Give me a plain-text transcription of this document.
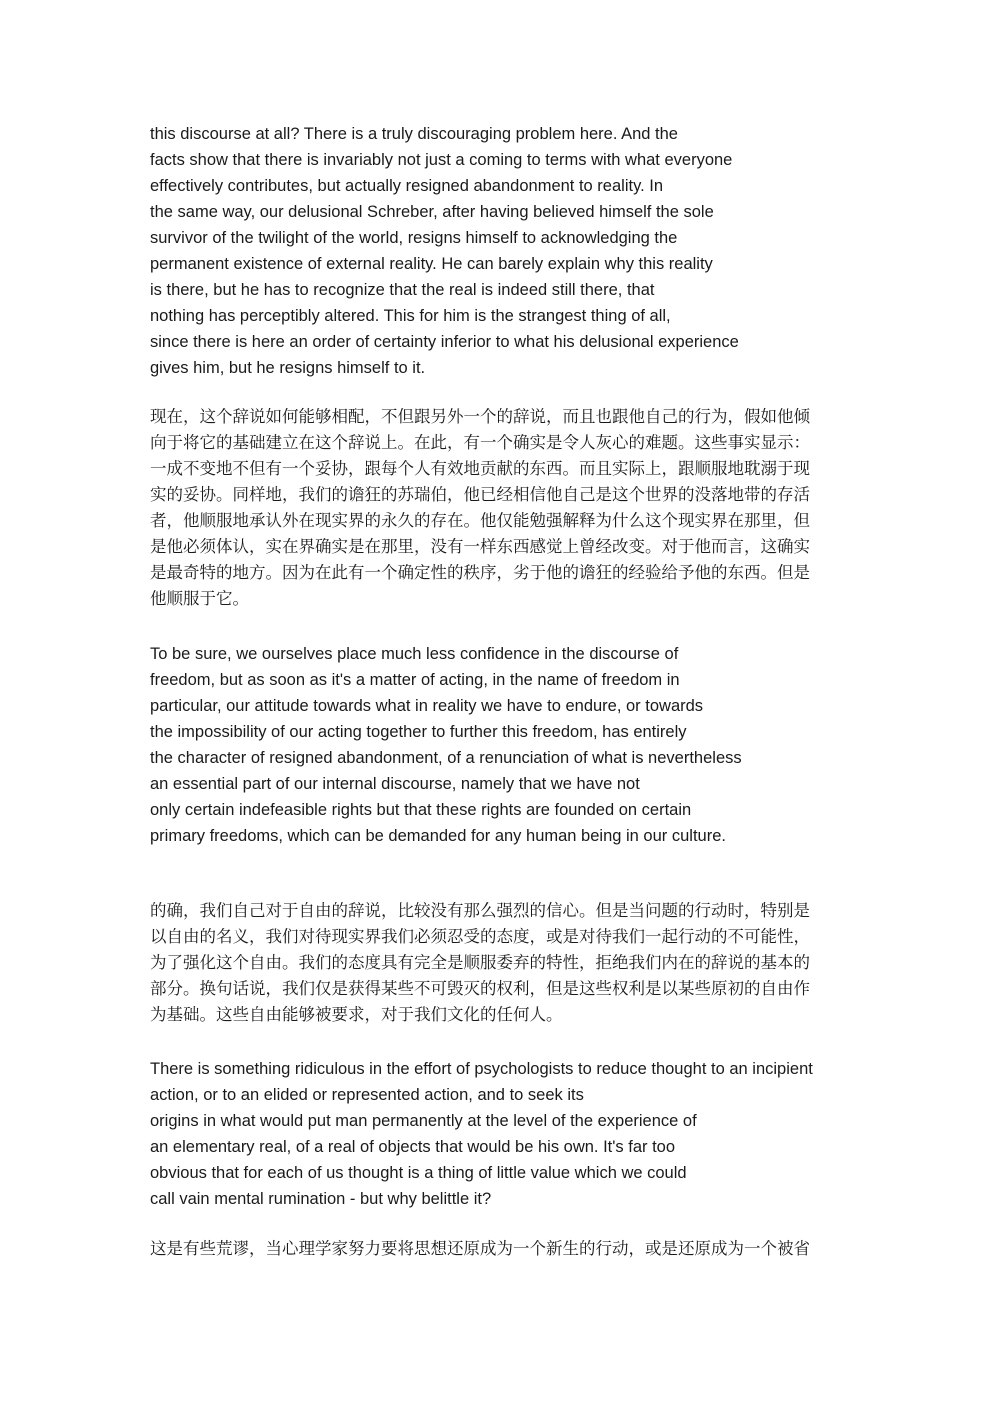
this discourse at all? There is a truly discouraging problem here. And the
facts show that there is invariably not just a coming to terms with what everyone
effectively contributes, but actually resigned abandonment to reality. In
the same way, our delusional Schreber, after having believed himself the sole
survivor of the twilight of the world, resigns himself to acknowledging the
permanent existence of external reality. He can barely explain why this reality
is there, but he has to recognize that the real is indeed still there, that
nothing has perceptibly altered. This for him is the strangest thing of all,
since there is here an order of certainty inferior to what his delusional experience
gives him, but he resigns himself to it.
现在，这个辞说如何能够相配，不但跟另外一个的辞说，而且也跟他自己的行为，假如他倾
向于将它的基础建立在这个辞说上。在此，有一个确实是令人灰心的难题。这些事实显示：
一成不变地不但有一个妥协，跟每个人有效地贡献的东西。而且实际上，跟顺服地耽溺于现
实的妥协。同样地，我们的谵狂的苏瑞伯，他已经相信他自己是这个世界的没落地带的存活
者，他顺服地承认外在现实界的永久的存在。他仅能勉强解释为什么这个现实界在那里，但
是他必须体认，实在界确实是在那里，没有一样东西感觉上曾经改变。对于他而言，这确实
是最奇特的地方。因为在此有一个确定性的秩序，劣于他的谵狂的经验给予他的东西。但是
他顺服于它。
To be sure, we ourselves place much less confidence in the discourse of
freedom, but as soon as it's a matter of acting, in the name of freedom in
particular, our attitude towards what in reality we have to endure, or towards
the impossibility of our acting together to further this freedom, has entirely
the character of resigned abandonment, of a renunciation of what is nevertheless
an essential part of our internal discourse, namely that we have not
only certain indefeasible rights but that these rights are founded on certain
primary freedoms, which can be demanded for any human being in our culture.
的确，我们自己对于自由的辞说，比较没有那么强烈的信心。但是当问题的行动时，特别是
以自由的名义，我们对待现实界我们必须忍受的态度，或是对待我们一起行动的不可能性，
为了强化这个自由。我们的态度具有完全是顺服委弃的特性，拒绝我们内在的辞说的基本的
部分。换句话说，我们仅是获得某些不可毁灭的权利，但是这些权利是以某些原初的自由作
为基础。这些自由能够被要求，对于我们文化的任何人。
There is something ridiculous in the effort of psychologists to reduce thought to an incipient
action, or to an elided or represented action, and to seek its
origins in what would put man permanently at the level of the experience of
an elementary real, of a real of objects that would be his own. It's far too
obvious that for each of us thought is a thing of little value which we could
call vain mental rumination - but why belittle it?
这是有些荒谬，当心理学家努力要将思想还原成为一个新生的行动，或是还原成为一个被省
